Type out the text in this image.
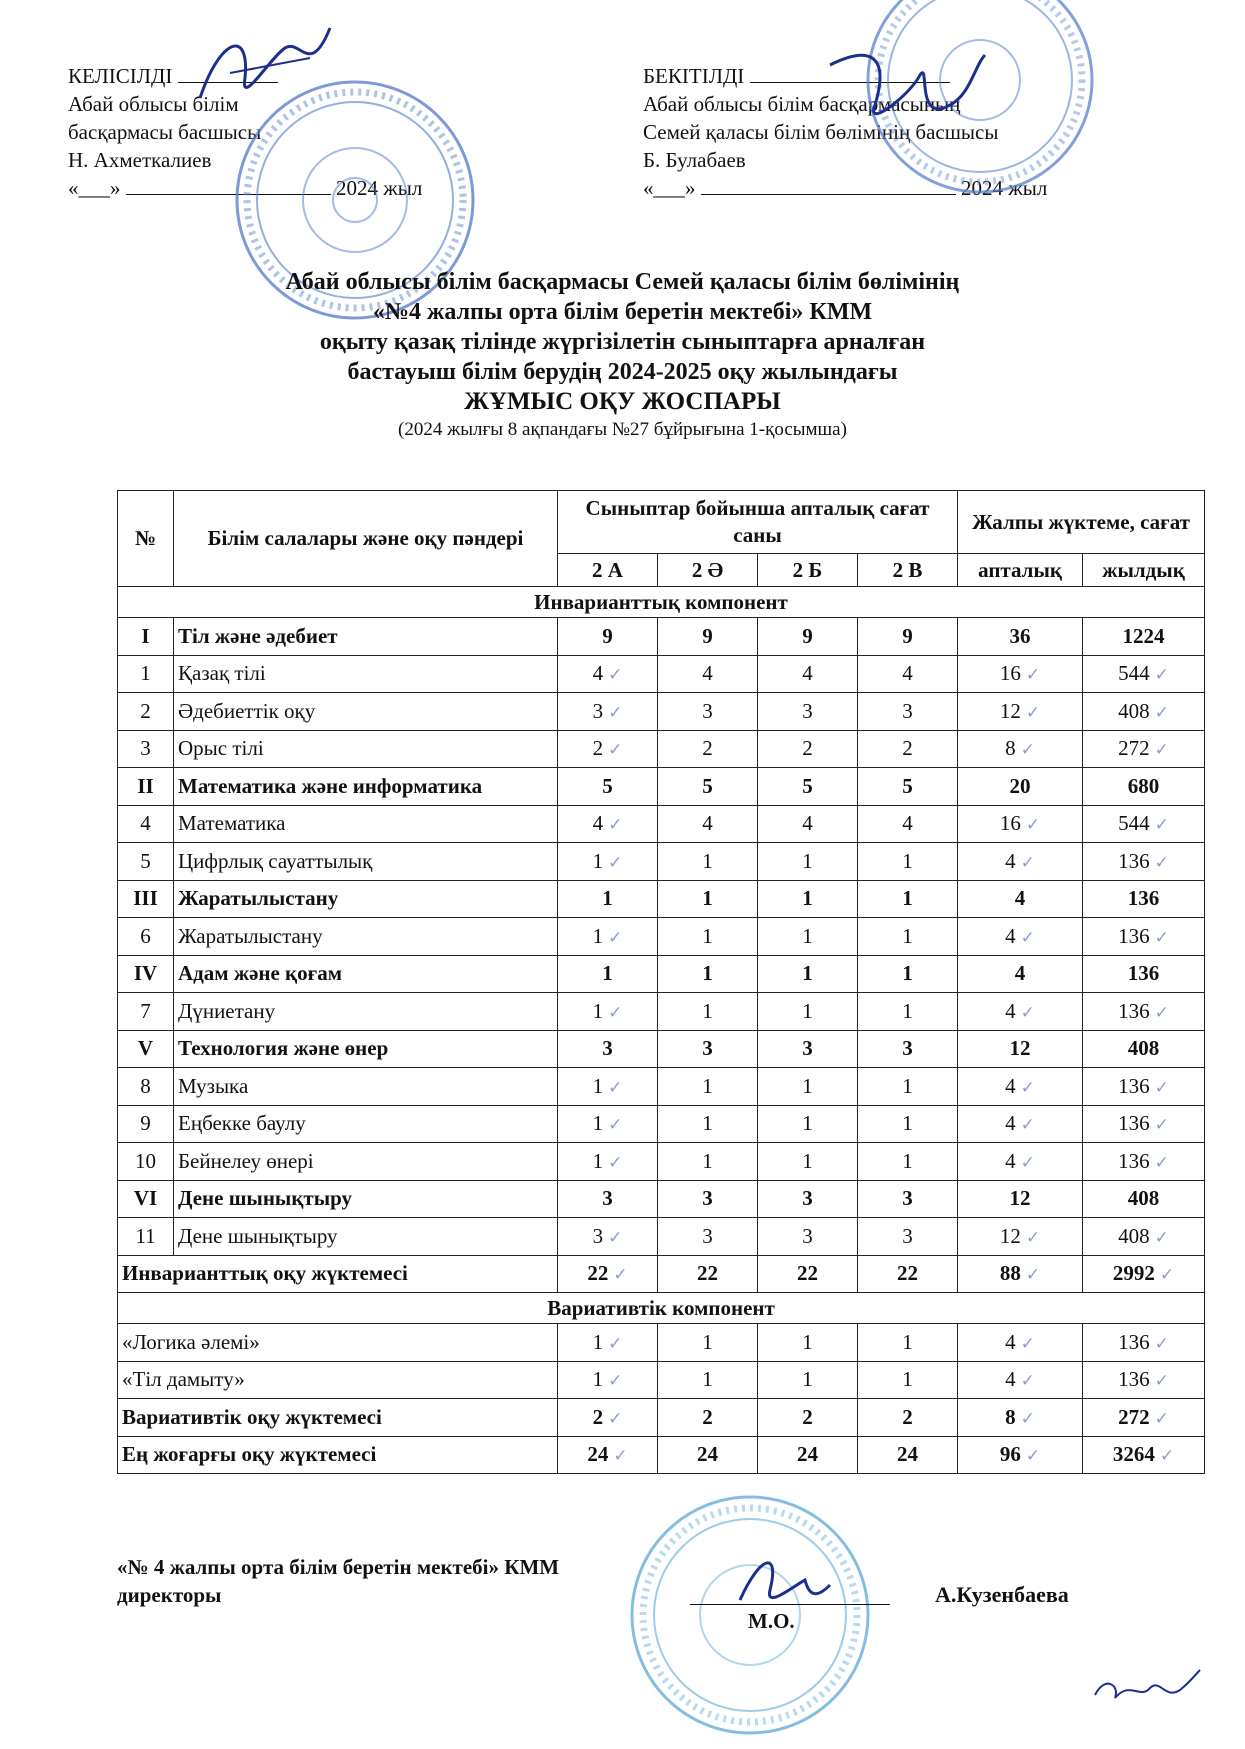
КЕЛІСІЛДІ
Абай облысы білім
басқармасы басшысы
Н. Ахметкалиев
«___»	2024 жыл
БЕКІТІЛДІ
Абай облысы білім басқармасының
Семей қаласы білім бөлімінің басшысы
Б. Булабаев
«___»	2024 жыл
Абай облысы білім басқармасы Семей қаласы білім бөлімінің
«№4 жалпы орта білім беретін мектебі» КММ
оқыту қазақ тілінде жүргізілетін сыныптарға арналған
бастауыш білім берудің 2024-2025 оқу жылындағы
ЖҰМЫС ОҚУ ЖОСПАРЫ
(2024 жылғы 8 ақпандағы №27 бұйрығына 1-қосымша)
№	Білім салалары және оқу пәндері	Сыныптар бойынша апталық сағат саны				Жалпы жүктеме, сағат	
		2 А	2 Ә	2 Б	2 В	апталық	жылдық
Инварианттық компонент							
I	Тіл және әдебиет	9	9	9	9	36	1224
1	Қазақ тілі	4 ✓	4	4	4	16 ✓	544 ✓
2	Әдебиеттік оқу	3 ✓	3	3	3	12 ✓	408 ✓
3	Орыс тілі	2 ✓	2	2	2	8 ✓	272 ✓
II	Математика және информатика	5	5	5	5	20	680
4	Математика	4 ✓	4	4	4	16 ✓	544 ✓
5	Цифрлық сауаттылық	1 ✓	1	1	1	4 ✓	136 ✓
III	Жаратылыстану	1	1	1	1	4	136
6	Жаратылыстану	1 ✓	1	1	1	4 ✓	136 ✓
IV	Адам және қоғам	1	1	1	1	4	136
7	Дүниетану	1 ✓	1	1	1	4 ✓	136 ✓
V	Технология және өнер	3	3	3	3	12	408
8	Музыка	1 ✓	1	1	1	4 ✓	136 ✓
9	Еңбекке баулу	1 ✓	1	1	1	4 ✓	136 ✓
10	Бейнелеу өнері	1 ✓	1	1	1	4 ✓	136 ✓
VI	Дене шынықтыру	3	3	3	3	12	408
11	Дене шынықтыру	3 ✓	3	3	3	12 ✓	408 ✓
Инварианттық оқу жүктемесі		22 ✓	22	22	22	88 ✓	2992 ✓
Вариативтік компонент							
«Логика әлемі»		1 ✓	1	1	1	4 ✓	136 ✓
«Тіл дамыту»		1 ✓	1	1	1	4 ✓	136 ✓
Вариативтік оқу жүктемесі		2 ✓	2	2	2	8 ✓	272 ✓
Ең жоғарғы оқу жүктемесі		24 ✓	24	24	24	96 ✓	3264 ✓
«№ 4 жалпы орта білім беретін мектебі» КММ
директоры
М.О.
А.Кузенбаева
